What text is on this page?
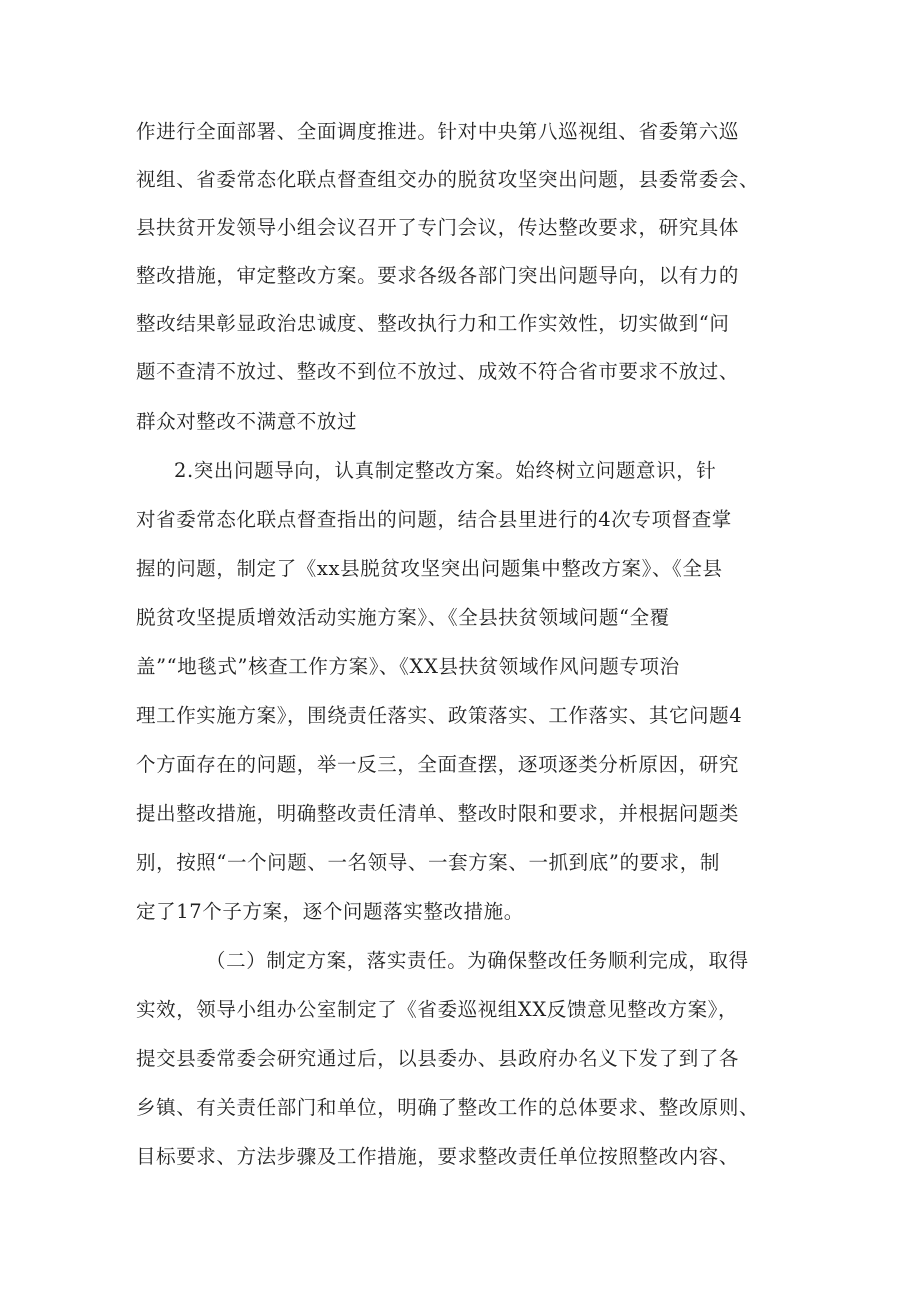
作进行全面部署、全面调度推进。针对中央第八巡视组、省委第六巡
视组、省委常态化联点督查组交办的脱贫攻坚突出问题，县委常委会、
县扶贫开发领导小组会议召开了专门会议，传达整改要求，研究具体
整改措施，审定整改方案。要求各级各部门突出问题导向，以有力的
整改结果彰显政治忠诚度、整改执行力和工作实效性，切实做到“问
题不查清不放过、整改不到位不放过、成效不符合省市要求不放过、
群众对整改不满意不放过
2.突出问题导向，认真制定整改方案。始终树立问题意识，针
对省委常态化联点督查指出的问题，结合县里进行的4次专项督查掌
握的问题，制定了《xx县脱贫攻坚突出问题集中整改方案》、《全县
脱贫攻坚提质增效活动实施方案》、《全县扶贫领域问题“全覆
盖”“地毯式”核查工作方案》、《XX县扶贫领域作风问题专项治
理工作实施方案》，围绕责任落实、政策落实、工作落实、其它问题4
个方面存在的问题，举一反三，全面查摆，逐项逐类分析原因，研究
提出整改措施，明确整改责任清单、整改时限和要求，并根据问题类
别，按照“一个问题、一名领导、一套方案、一抓到底”的要求，制
定了17个子方案，逐个问题落实整改措施。
（二）制定方案，落实责任。为确保整改任务顺利完成，取得
实效，领导小组办公室制定了《省委巡视组XX反馈意见整改方案》，
提交县委常委会研究通过后，以县委办、县政府办名义下发了到了各
乡镇、有关责任部门和单位，明确了整改工作的总体要求、整改原则、
目标要求、方法步骤及工作措施，要求整改责任单位按照整改内容、
